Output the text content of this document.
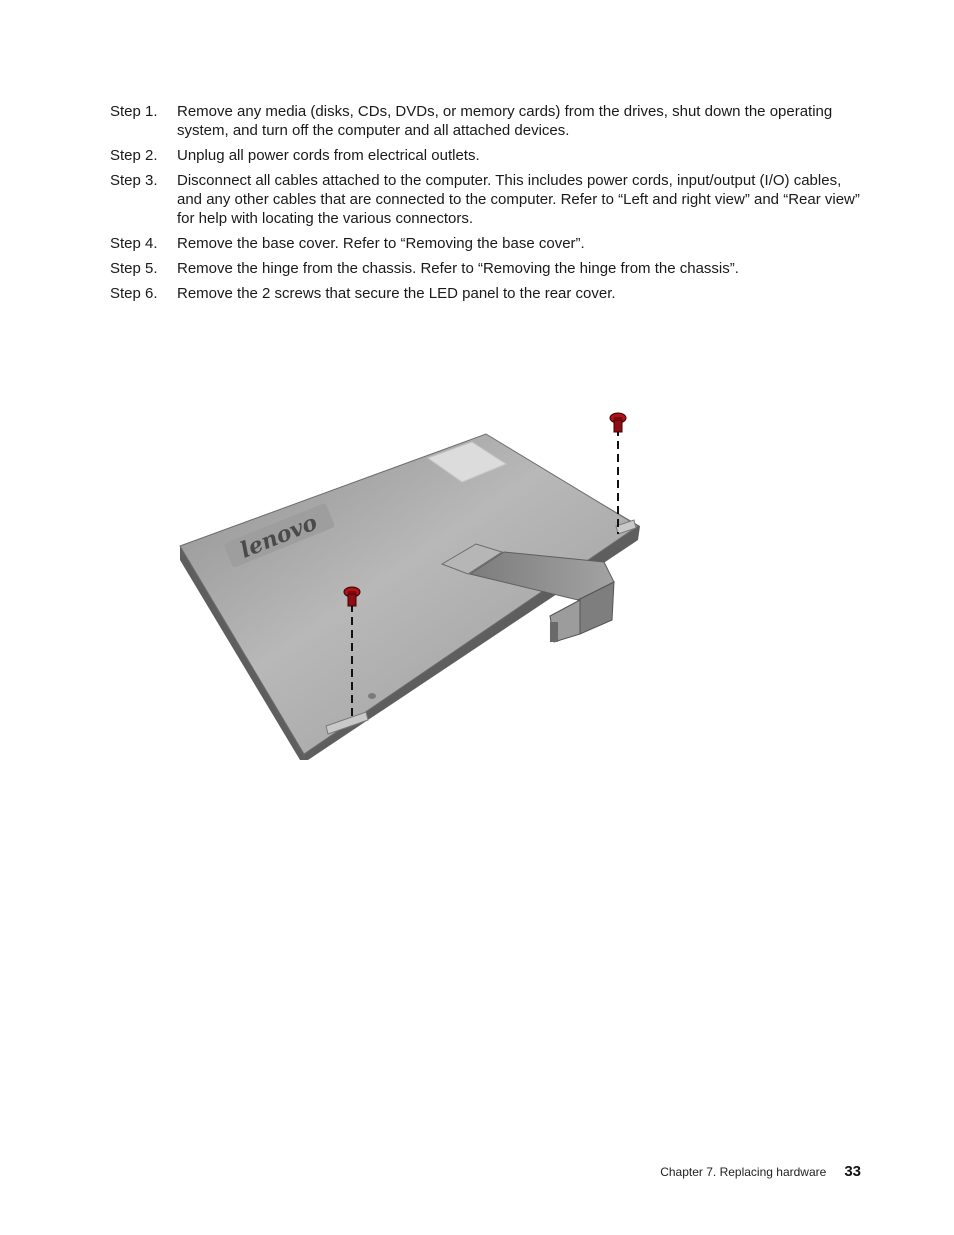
Step 1.	Remove any media (disks, CDs, DVDs, or memory cards) from the drives, shut down the operating system, and turn off the computer and all attached devices.
Step 2.	Unplug all power cords from electrical outlets.
Step 3.	Disconnect all cables attached to the computer. This includes power cords, input/output (I/O) cables, and any other cables that are connected to the computer. Refer to “Left and right view” and “Rear view” for help with locating the various connectors.
Step 4.	Remove the base cover. Refer to “Removing the base cover”.
Step 5.	Remove the hinge from the chassis. Refer to “Removing the hinge from the chassis”.
Step 6.	Remove the 2 screws that secure the LED panel to the rear cover.
lenovo
Chapter 7. Replacing hardware 33
